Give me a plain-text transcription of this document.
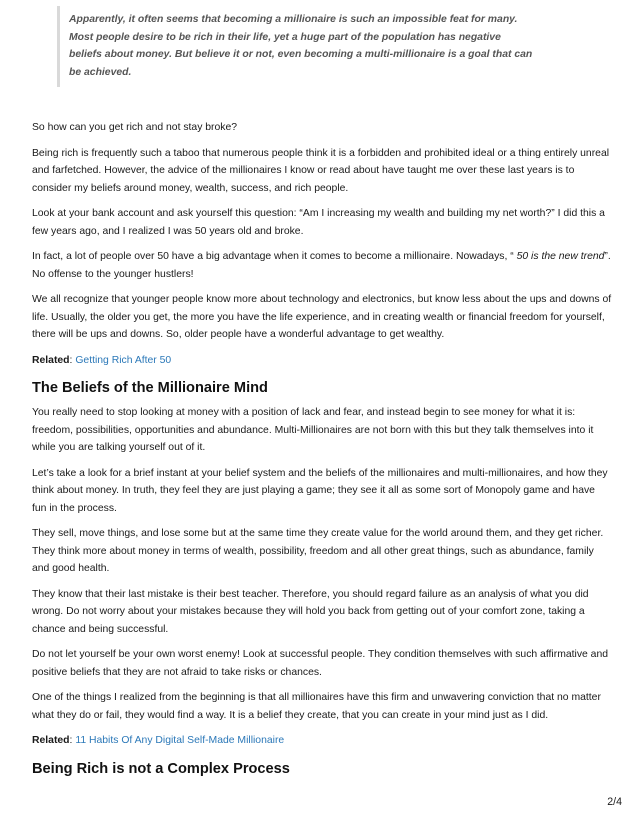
Apparently, it often seems that becoming a millionaire is such an impossible feat for many.
Most people desire to be rich in their life, yet a huge part of the population has negative
beliefs about money. But believe it or not, even becoming a multi-millionaire is a goal that can
be achieved.

So how can you get rich and not stay broke?

Being rich is frequently such a taboo that numerous people think it is a forbidden and prohibited ideal or a thing entirely unreal and farfetched. However, the advice of the millionaires I know or read about have taught me over these last years is to consider my beliefs around money, wealth, success, and rich people.

Look at your bank account and ask yourself this question: “Am I increasing my wealth and building my net worth?” I did this a few years ago, and I realized I was 50 years old and broke.

In fact, a lot of people over 50 have a big advantage when it comes to become a millionaire. Nowadays, “ 50 is the new trend”. No offense to the younger hustlers!

We all recognize that younger people know more about technology and electronics, but know less about the ups and downs of life. Usually, the older you get, the more you have the life experience, and in creating wealth or financial freedom for yourself, there will be ups and downs. So, older people have a wonderful advantage to get wealthy.

Related: Getting Rich After 50

The Beliefs of the Millionaire Mind

You really need to stop looking at money with a position of lack and fear, and instead begin to see money for what it is: freedom, possibilities, opportunities and abundance. Multi-Millionaires are not born with this but they talk themselves into it while you are talking yourself out of it.

Let’s take a look for a brief instant at your belief system and the beliefs of the millionaires and multi-millionaires, and how they think about money. In truth, they feel they are just playing a game; they see it all as some sort of Monopoly game and have fun in the process.

They sell, move things, and lose some but at the same time they create value for the world around them, and they get richer. They think more about money in terms of wealth, possibility, freedom and all other great things, such as abundance, family and good health.

They know that their last mistake is their best teacher. Therefore, you should regard failure as an analysis of what you did wrong. Do not worry about your mistakes because they will hold you back from getting out of your comfort zone, taking a chance and being successful.

Do not let yourself be your own worst enemy! Look at successful people. They condition themselves with such affirmative and positive beliefs that they are not afraid to take risks or chances.

One of the things I realized from the beginning is that all millionaires have this firm and unwavering conviction that no matter what they do or fail, they would find a way. It is a belief they create, that you can create in your mind just as I did.

Related: 11 Habits Of Any Digital Self-Made Millionaire

Being Rich is not a Complex Process
2/4
